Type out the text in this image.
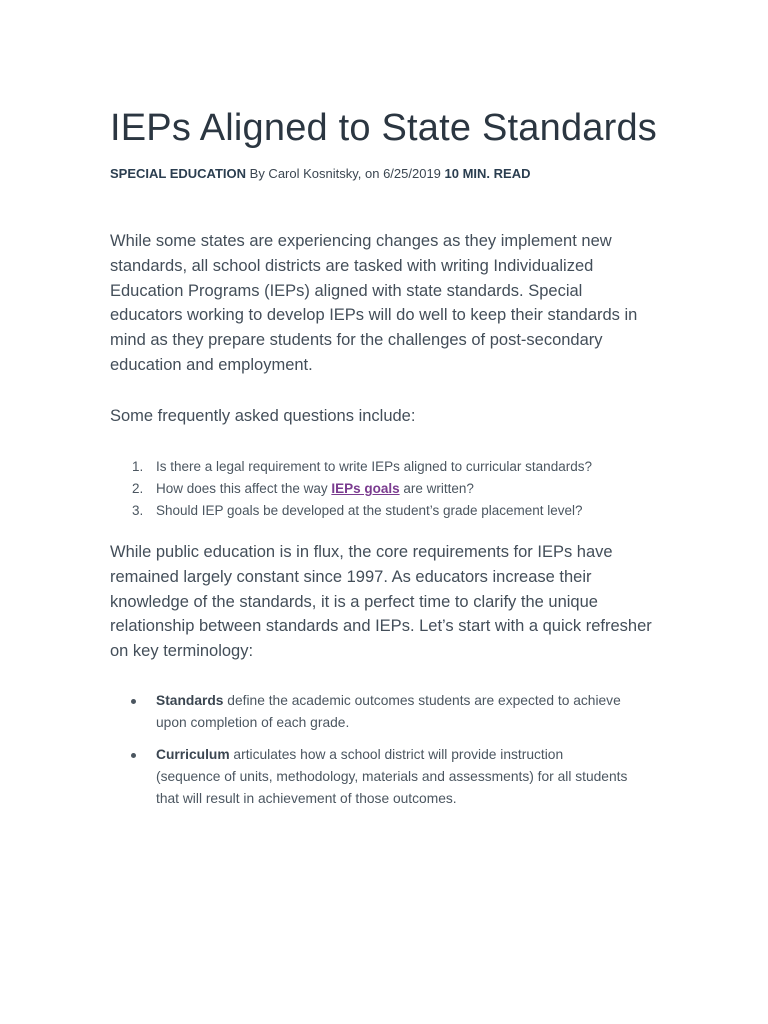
IEPs Aligned to State Standards
SPECIAL EDUCATION By Carol Kosnitsky, on 6/25/2019 10 MIN. READ

While some states are experiencing changes as they implement new standards, all school districts are tasked with writing Individualized Education Programs (IEPs) aligned with state standards. Special educators working to develop IEPs will do well to keep their standards in mind as they prepare students for the challenges of post-secondary education and employment.

Some frequently asked questions include:

1. Is there a legal requirement to write IEPs aligned to curricular standards?
2. How does this affect the way IEPs goals are written?
3. Should IEP goals be developed at the student’s grade placement level?

While public education is in flux, the core requirements for IEPs have remained largely constant since 1997. As educators increase their knowledge of the standards, it is a perfect time to clarify the unique relationship between standards and IEPs. Let’s start with a quick refresher on key terminology:

Standards define the academic outcomes students are expected to achieve upon completion of each grade.
Curriculum articulates how a school district will provide instruction (sequence of units, methodology, materials and assessments) for all students that will result in achievement of those outcomes.
